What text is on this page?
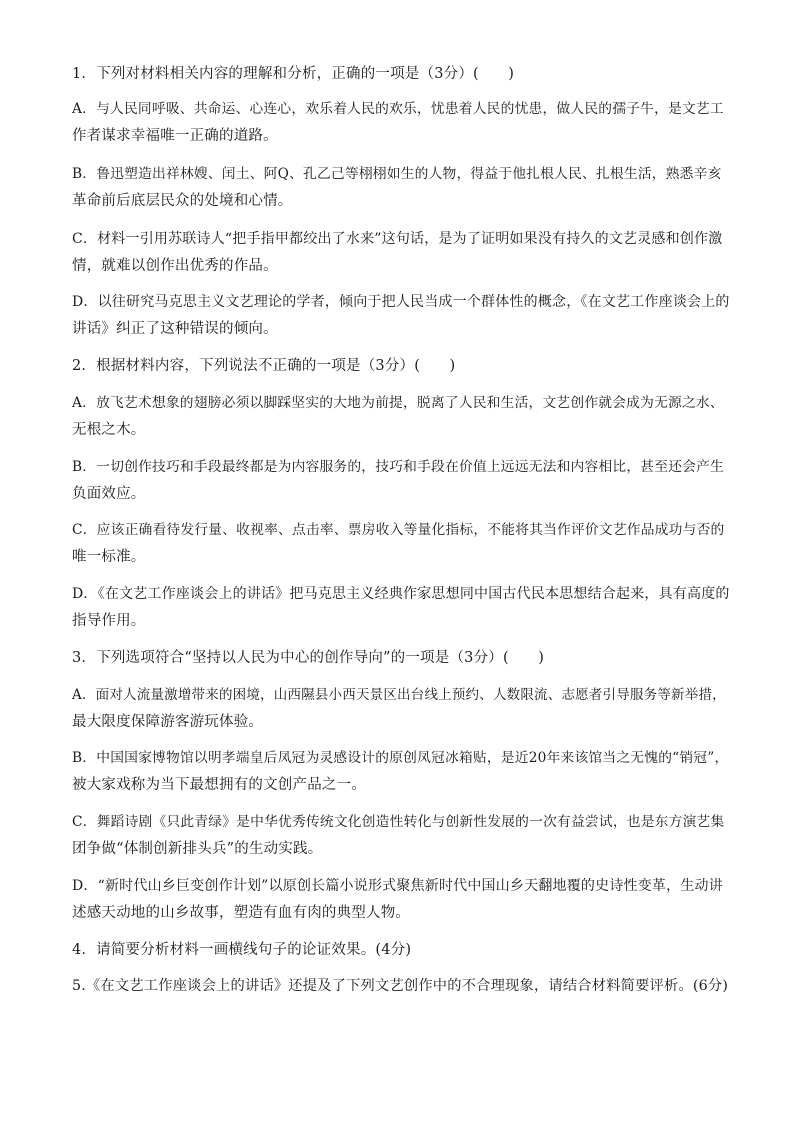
1．下列对材料相关内容的理解和分析，正确的一项是（3分）(　　)
A．与人民同呼吸、共命运、心连心，欢乐着人民的欢乐，忧患着人民的忧患，做人民的孺子牛，是文艺工
作者谋求幸福唯一正确的道路。
B．鲁迅塑造出祥林嫂、闰土、阿Q、孔乙己等栩栩如生的人物，得益于他扎根人民、扎根生活，熟悉辛亥
革命前后底层民众的处境和心情。
C．材料一引用苏联诗人“把手指甲都绞出了水来”这句话，是为了证明如果没有持久的文艺灵感和创作激
情，就难以创作出优秀的作品。
D．以往研究马克思主义文艺理论的学者，倾向于把人民当成一个群体性的概念，《在文艺工作座谈会上的
讲话》纠正了这种错误的倾向。
2．根据材料内容，下列说法不正确的一项是（3分）(　　)
A．放飞艺术想象的翅膀必须以脚踩坚实的大地为前提，脱离了人民和生活，文艺创作就会成为无源之水、
无根之木。
B．一切创作技巧和手段最终都是为内容服务的，技巧和手段在价值上远远无法和内容相比，甚至还会产生
负面效应。
C．应该正确看待发行量、收视率、点击率、票房收入等量化指标，不能将其当作评价文艺作品成功与否的
唯一标准。
D．《在文艺工作座谈会上的讲话》把马克思主义经典作家思想同中国古代民本思想结合起来，具有高度的
指导作用。
3．下列选项符合“坚持以人民为中心的创作导向”的一项是（3分）(　　)
A．面对人流量激增带来的困境，山西隰县小西天景区出台线上预约、人数限流、志愿者引导服务等新举措，
最大限度保障游客游玩体验。
B．中国国家博物馆以明孝端皇后凤冠为灵感设计的原创凤冠冰箱贴，是近20年来该馆当之无愧的“销冠”，
被大家戏称为当下最想拥有的文创产品之一。
C．舞蹈诗剧《只此青绿》是中华优秀传统文化创造性转化与创新性发展的一次有益尝试，也是东方演艺集
团争做“体制创新排头兵”的生动实践。
D．“新时代山乡巨变创作计划”以原创长篇小说形式聚焦新时代中国山乡天翻地覆的史诗性变革，生动讲
述感天动地的山乡故事，塑造有血有肉的典型人物。
4．请简要分析材料一画横线句子的论证效果。(4分)
5.《在文艺工作座谈会上的讲话》还提及了下列文艺创作中的不合理现象，请结合材料简要评析。(6分)
